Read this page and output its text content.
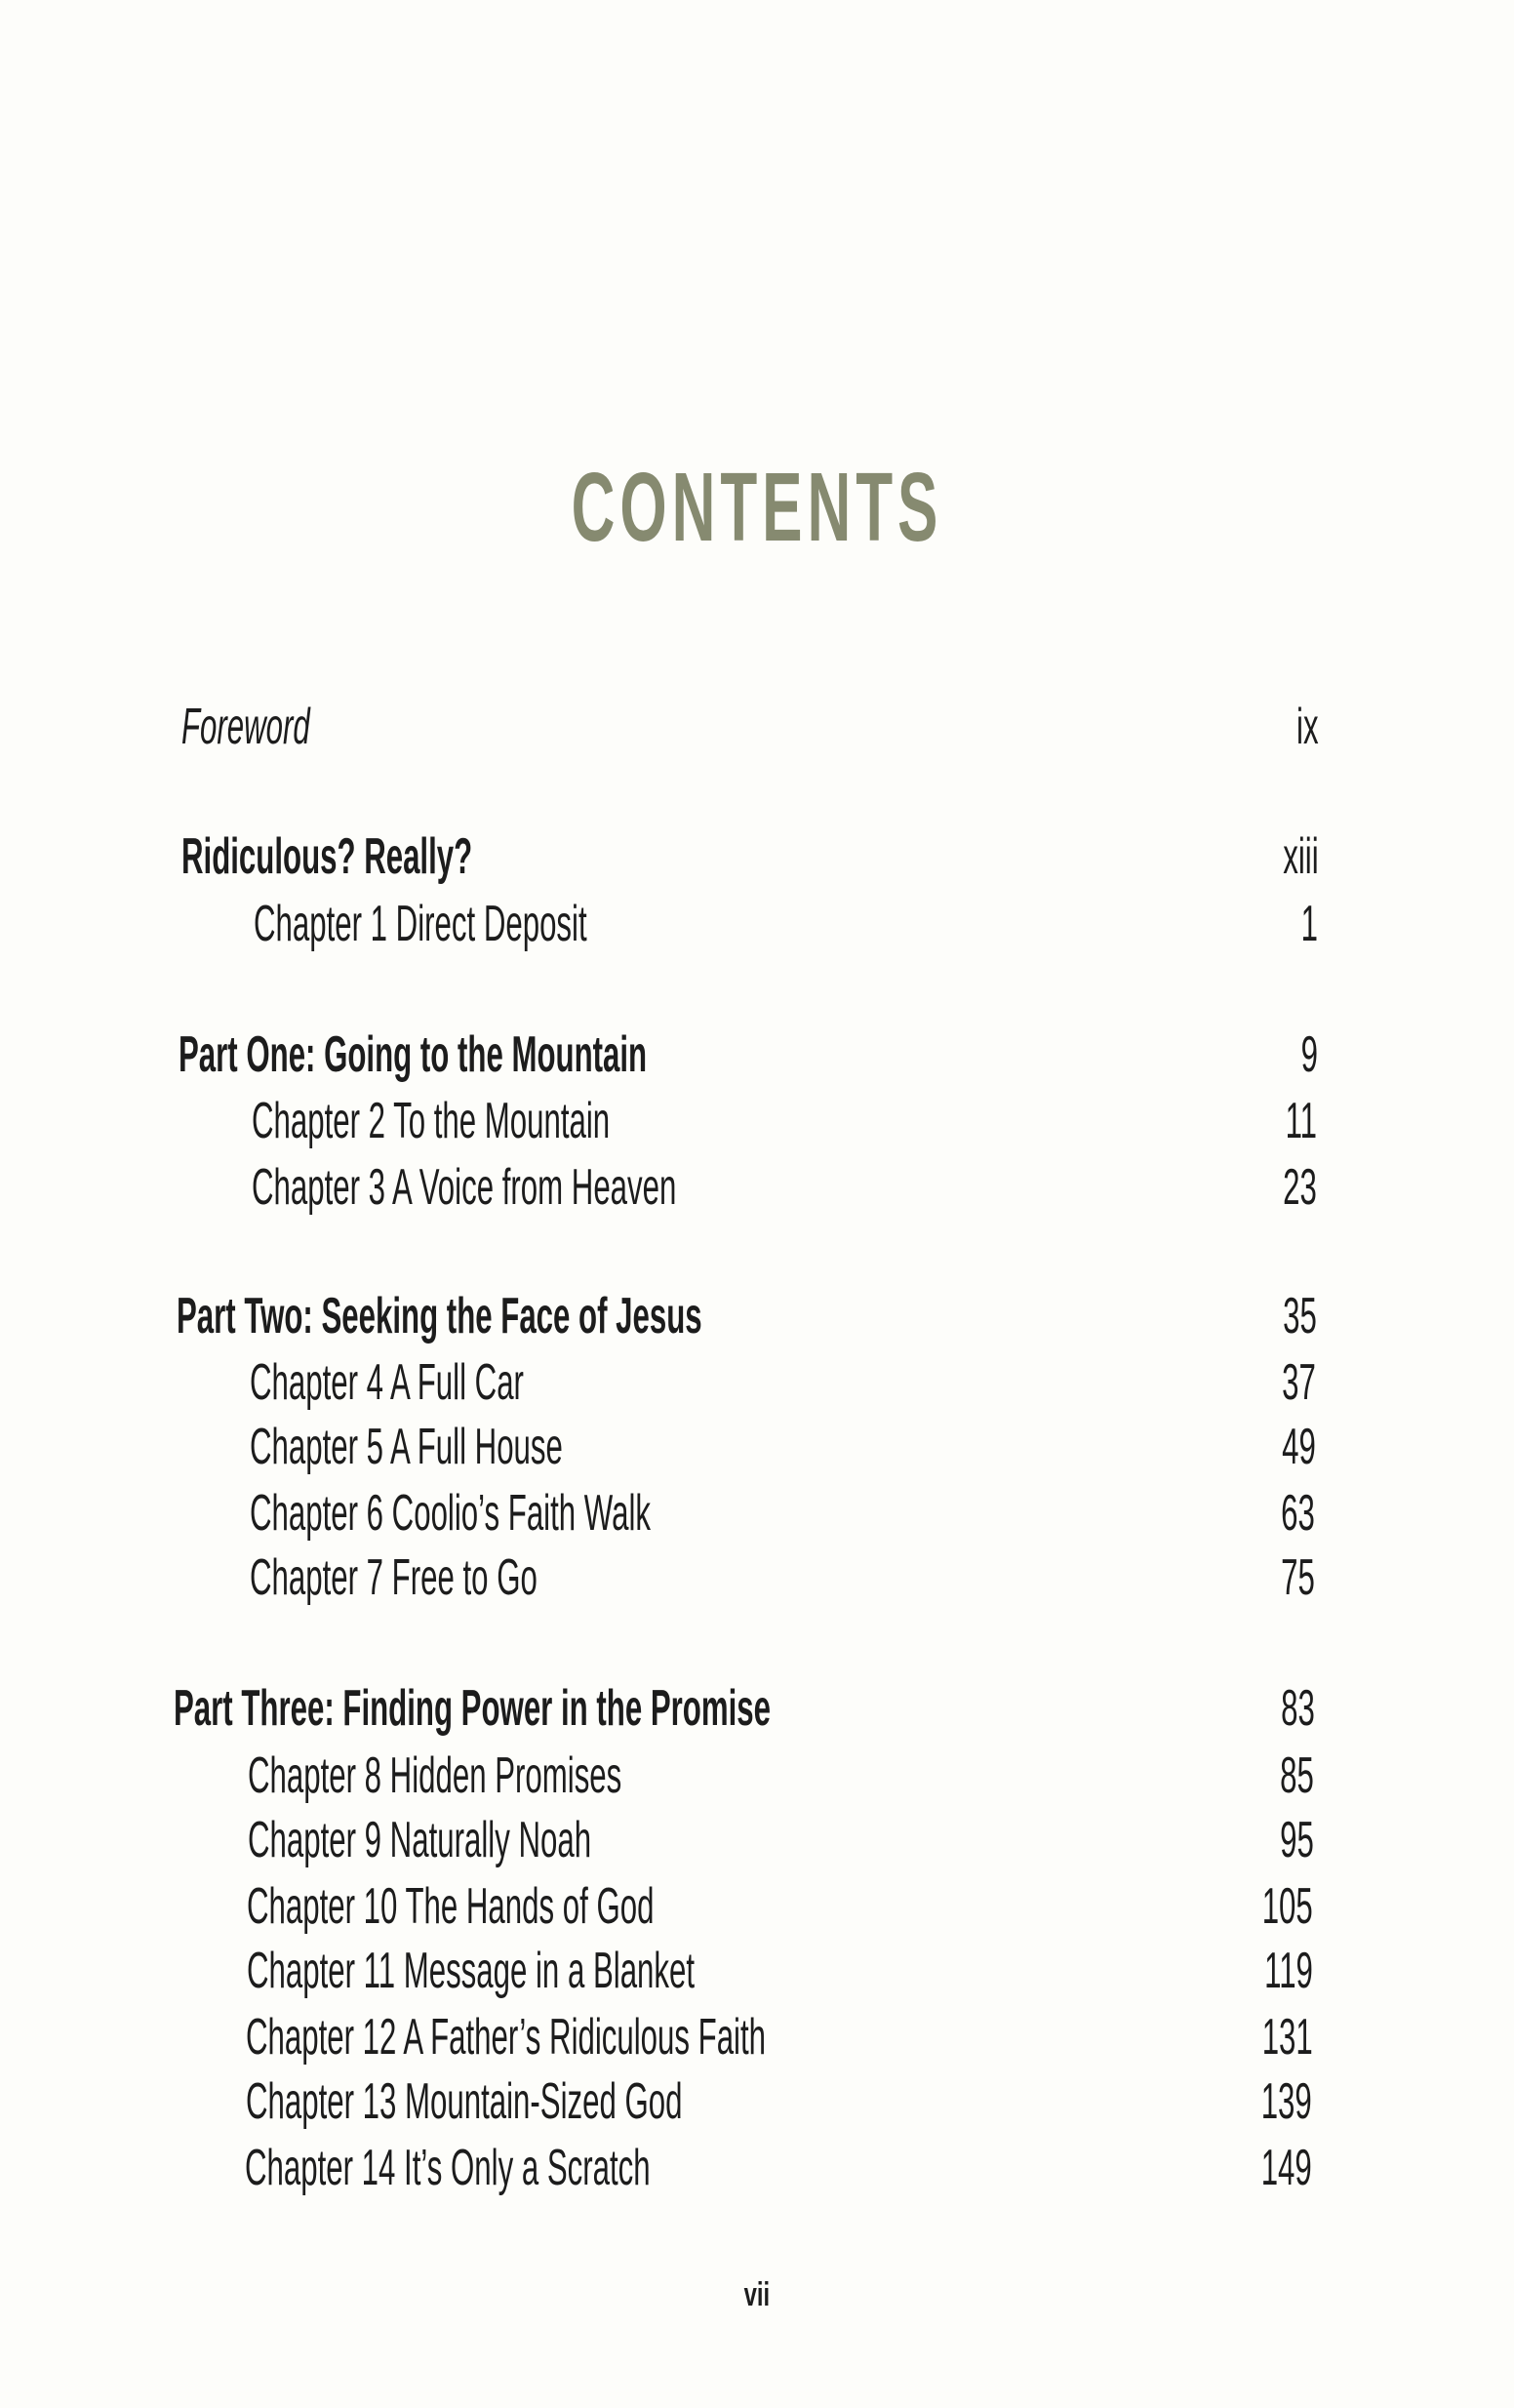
CONTENTS
Foreword	ix
Ridiculous? Really?	xiii
Chapter 1 Direct Deposit	1
Part One: Going to the Mountain	9
Chapter 2 To the Mountain	11
Chapter 3 A Voice from Heaven	23
Part Two: Seeking the Face of Jesus	35
Chapter 4 A Full Car	37
Chapter 5 A Full House	49
Chapter 6 Coolio’s Faith Walk	63
Chapter 7 Free to Go	75
Part Three: Finding Power in the Promise	83
Chapter 8 Hidden Promises	85
Chapter 9 Naturally Noah	95
Chapter 10 The Hands of God	105
Chapter 11 Message in a Blanket	119
Chapter 12 A Father’s Ridiculous Faith	131
Chapter 13 Mountain-Sized God	139
Chapter 14 It’s Only a Scratch	149
vii
